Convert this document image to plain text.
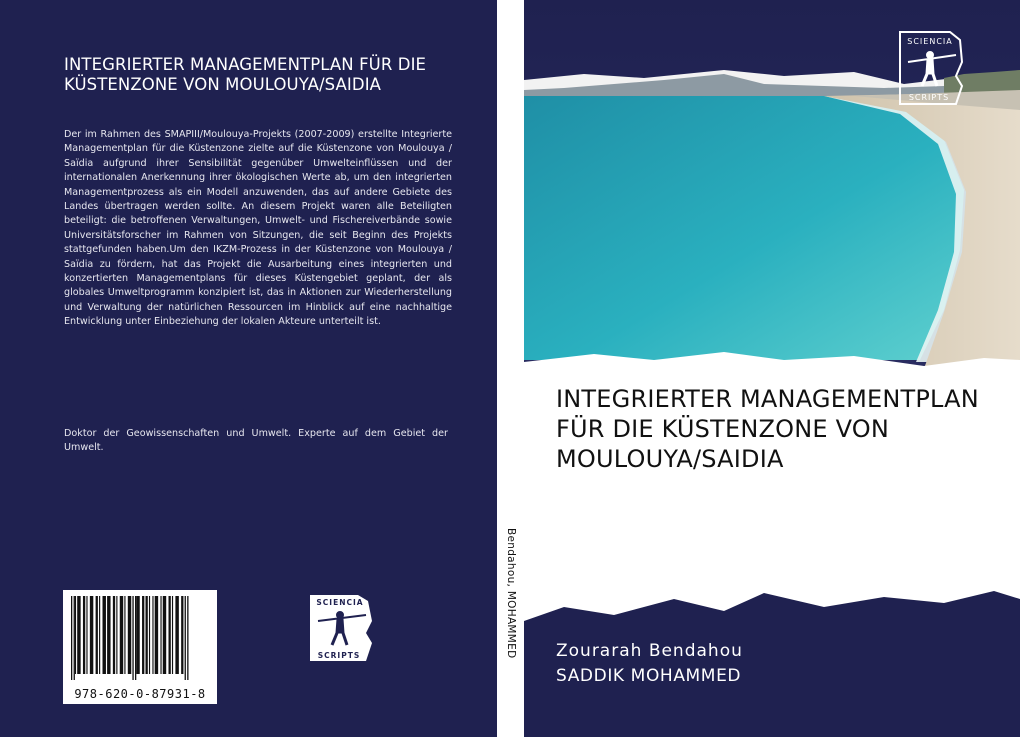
INTEGRIERTER MANAGEMENTPLAN FÜR DIE KÜSTENZONE VON MOULOUYA/SAIDIA
Der im Rahmen des SMAPIII/Moulouya-Projekts (2007-2009) erstellte Integrierte Managementplan für die Küstenzone zielte auf die Küstenzone von Moulouya / Saïdia aufgrund ihrer Sensibilität gegenüber Umwelteinflüssen und der internationalen Anerkennung ihrer ökologischen Werte ab, um den integrierten Managementprozess als ein Modell anzuwenden, das auf andere Gebiete des Landes übertragen werden sollte. An diesem Projekt waren alle Beteiligten beteiligt: die betroffenen Verwaltungen, Umwelt- und Fischereiverbände sowie Universitätsforscher im Rahmen von Sitzungen, die seit Beginn des Projekts stattgefunden haben.Um den IKZM-Prozess in der Küstenzone von Moulouya / Saïdia zu fördern, hat das Projekt die Ausarbeitung eines integrierten und konzertierten Managementplans für dieses Küstengebiet geplant, der als globales Umweltprogramm konzipiert ist, das in Aktionen zur Wiederherstellung und Verwaltung der natürlichen Ressourcen im Hinblick auf eine nachhaltige Entwicklung unter Einbeziehung der lokalen Akteure unterteilt ist.
Doktor der Geowissenschaften und Umwelt. Experte auf dem Gebiet der Umwelt.
978-620-0-87931-8
SCIENCIA
SCRIPTS	Bendahou, MOHAMMED
SCIENCIA
SCRIPTS
INTEGRIERTER MANAGEMENTPLAN FÜR DIE KÜSTENZONE VON MOULOUYA/SAIDIA
Zourarah Bendahou
SADDIK MOHAMMED
